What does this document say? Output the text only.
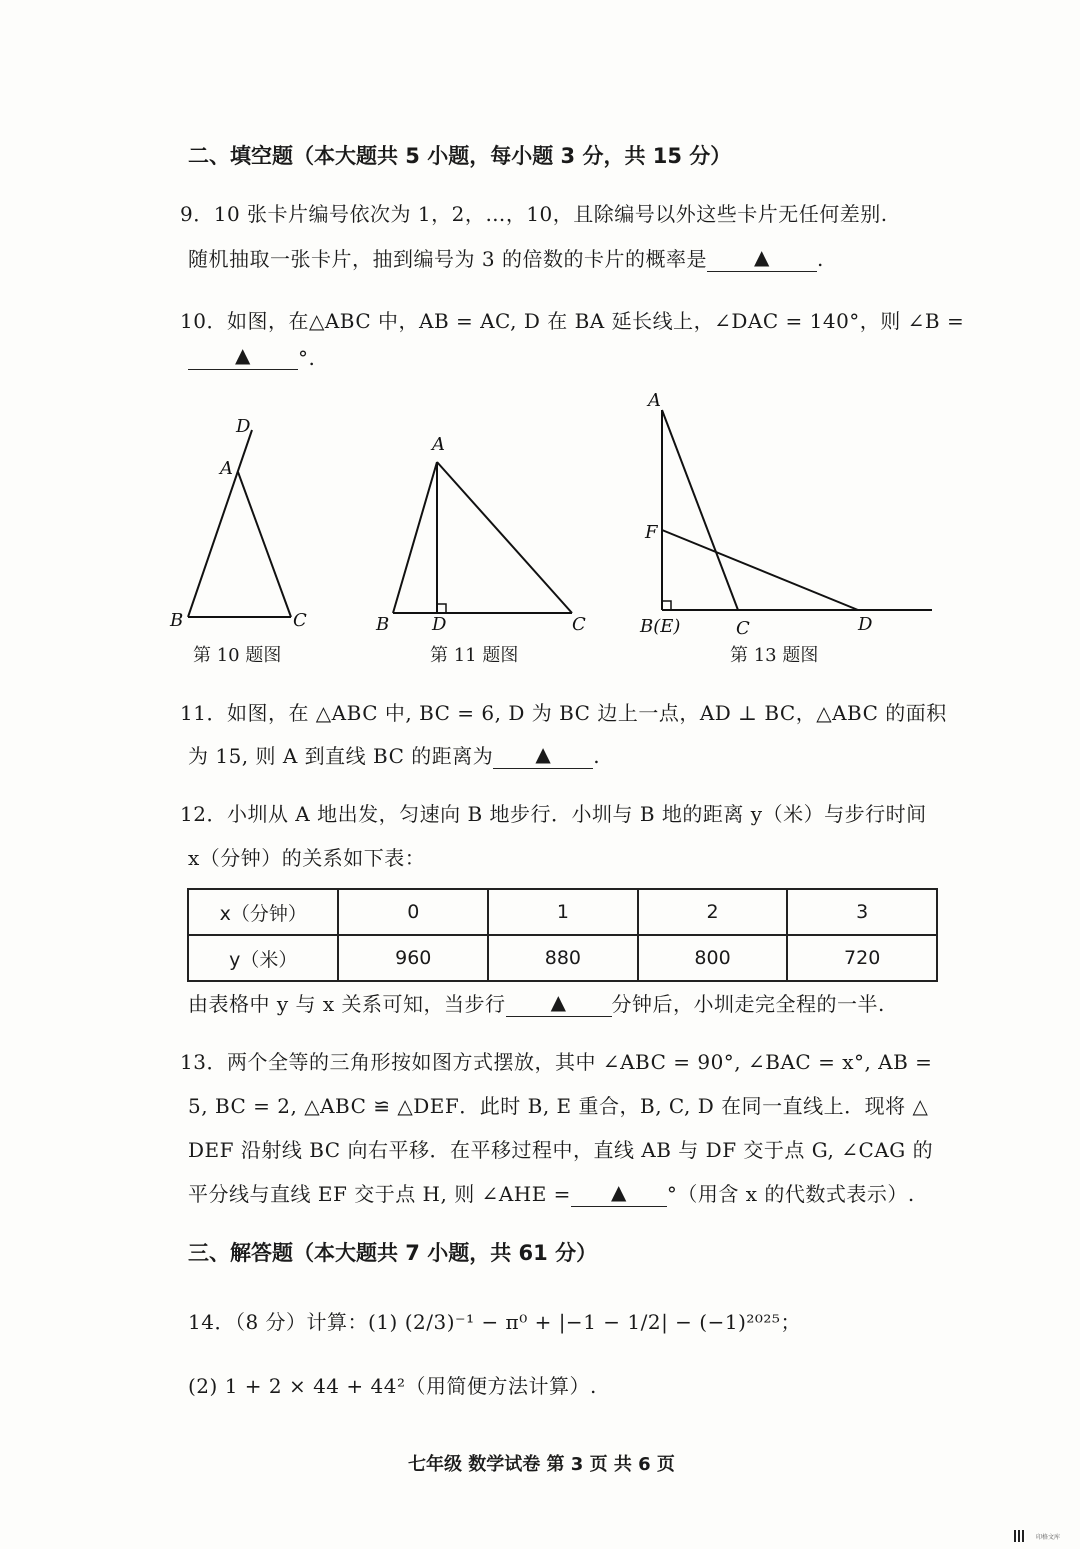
二、填空题（本大题共 5 小题，每小题 3 分，共 15 分）
9．10 张卡片编号依次为 1，2，…，10，且除编号以外这些卡片无任何差别.
随机抽取一张卡片，抽到编号为 3 的倍数的卡片的概率是 ▲ .
10．如图，在△ABC 中，AB = AC, D 在 BA 延长线上，∠DAC = 140°，则 ∠B =
▲ °.
D
A
B	C
A
B D	C
A
F
B(E)	C	D
第 10 题图	第 11 题图	第 13 题图
11．如图，在 △ABC 中, BC = 6, D 为 BC 边上一点，AD ⊥ BC，△ABC 的面积
为 15, 则 A 到直线 BC 的距离为 ▲ .
12．小圳从 A 地出发，匀速向 B 地步行．小圳与 B 地的距离 y（米）与步行时间
x（分钟）的关系如下表：
x（分钟）	0	1	2	3
y（米）	960	880	800	720
由表格中 y 与 x 关系可知，当步行 ▲ 分钟后，小圳走完全程的一半.
13．两个全等的三角形按如图方式摆放，其中 ∠ABC = 90°, ∠BAC = x°, AB =
5, BC = 2, △ABC ≌ △DEF．此时 B, E 重合，B, C, D 在同一直线上．现将 △
DEF 沿射线 BC 向右平移．在平移过程中，直线 AB 与 DF 交于点 G, ∠CAG 的
平分线与直线 EF 交于点 H, 则 ∠AHE = ▲ °（用含 x 的代数式表示）.
三、解答题（本大题共 7 小题，共 61 分）
14．（8 分）计算：(1) (2/3)⁻¹ − π⁰ + |−1 − 1/2| − (−1)²⁰²⁵；
(2) 1 + 2 × 44 + 44²（用简便方法计算）.
七年级 数学试卷 第 3 页 共 6 页
印格文库
